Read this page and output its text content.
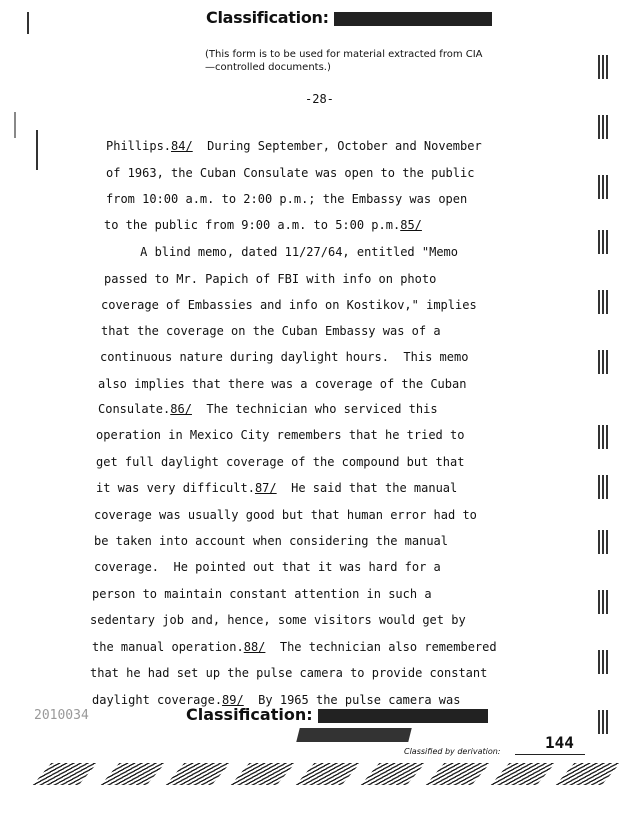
Classification:
(This form is to be used for material extracted from CIA—controlled documents.)
-28-
Phillips.84/  During September, October and November
of 1963, the Cuban Consulate was open to the public
from 10:00 a.m. to 2:00 p.m.; the Embassy was open
to the public from 9:00 a.m. to 5:00 p.m.85/
A blind memo, dated 11/27/64, entitled "Memo
passed to Mr. Papich of FBI with info on photo
coverage of Embassies and info on Kostikov," implies
that the coverage on the Cuban Embassy was of a
continuous nature during daylight hours.  This memo
also implies that there was a coverage of the Cuban
Consulate.86/  The technician who serviced this
operation in Mexico City remembers that he tried to
get full daylight coverage of the compound but that
it was very difficult.87/  He said that the manual
coverage was usually good but that human error had to
be taken into account when considering the manual
coverage.  He pointed out that it was hard for a
person to maintain constant attention in such a
sedentary job and, hence, some visitors would get by
the manual operation.88/  The technician also remembered
that he had set up the pulse camera to provide constant
daylight coverage.89/  By 1965 the pulse camera was
2010034	Classification:
Classified by derivation:	144
